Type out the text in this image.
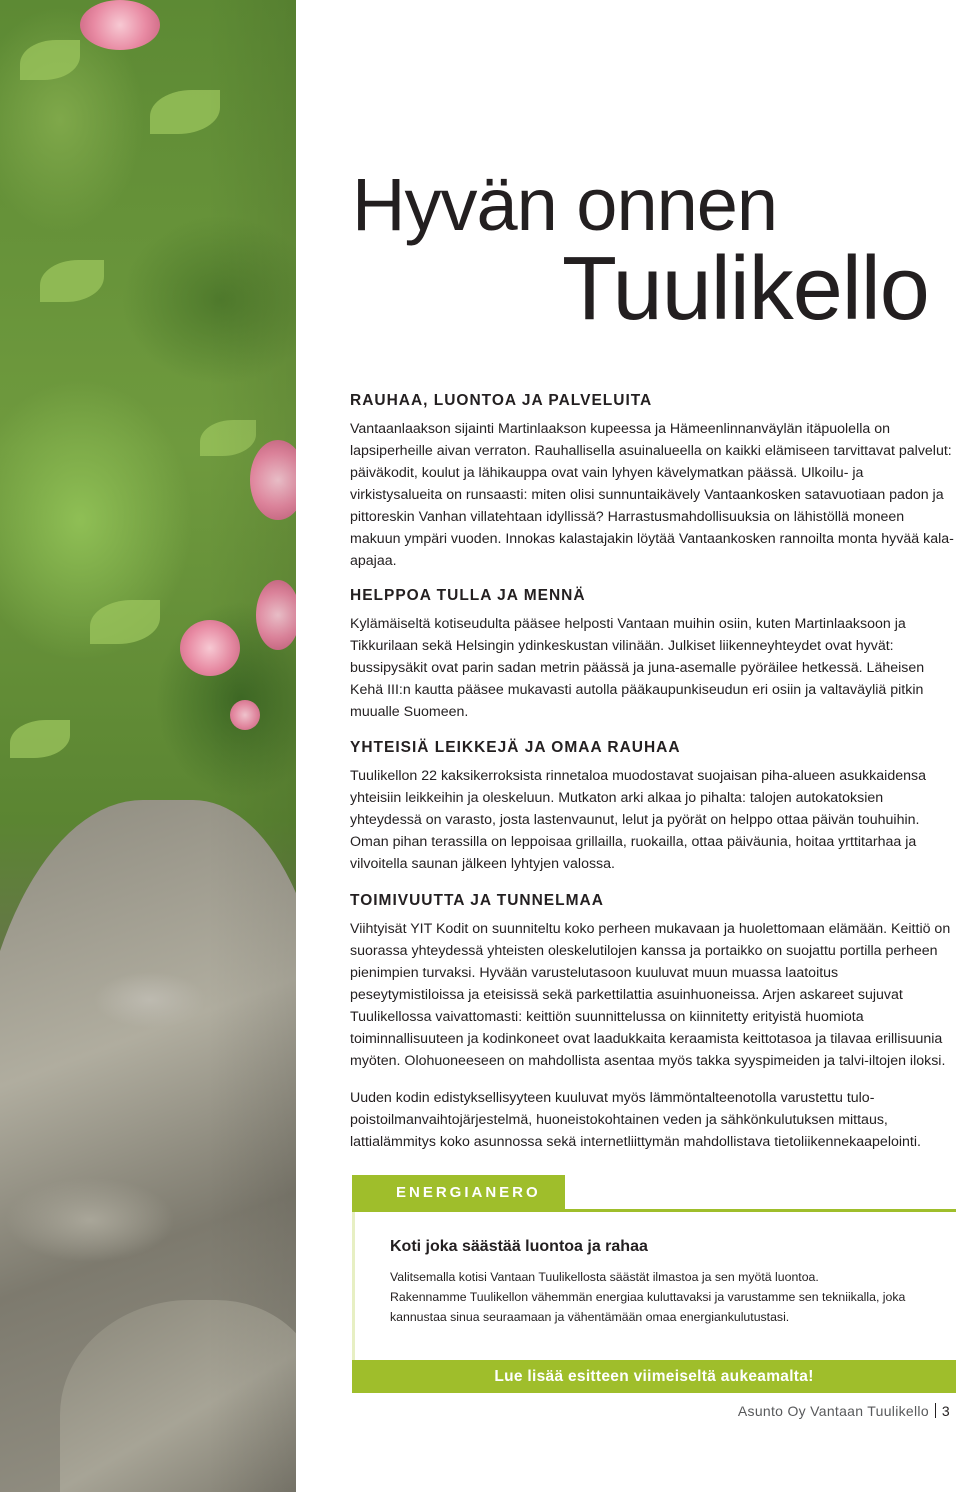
Hyvän onnen
Tuulikello
RAUHAA, LUONTOA JA PALVELUITA

Vantaanlaakson sijainti Martinlaakson kupeessa ja Hämeenlinnanväylän itäpuolella on lapsiperheille aivan verraton. Rauhallisella asuinalueella on kaikki elämiseen tarvittavat palvelut: päiväkodit, koulut ja lähikauppa ovat vain lyhyen kävelymatkan päässä. Ulkoilu- ja virkistysalueita on runsaasti: miten olisi sunnuntaikävely Vantaankosken satavuotiaan padon ja pittoreskin Vanhan villatehtaan idyllissä? Harrastusmahdollisuuksia on lähistöllä moneen makuun ympäri vuoden. Innokas kalastajakin löytää Vantaankosken rannoilta monta hyvää kala-apajaa.

HELPPOA TULLA JA MENNÄ

Kylämäiseltä kotiseudulta pääsee helposti Vantaan muihin osiin, kuten Martinlaaksoon ja Tikkurilaan sekä Helsingin ydinkeskustan vilinään. Julkiset liikenneyhteydet ovat hyvät: bussipysäkit ovat parin sadan metrin päässä ja juna-asemalle pyöräilee hetkessä. Läheisen Kehä III:n kautta pääsee mukavasti autolla pääkaupunkiseudun eri osiin ja valtaväyliä pitkin muualle Suomeen.

YHTEISIÄ LEIKKEJÄ JA OMAA RAUHAA

Tuulikellon 22 kaksikerroksista rinnetaloa muodostavat suojaisan piha-alueen asukkaidensa yhteisiin leikkeihin ja oleskeluun. Mutkaton arki alkaa jo pihalta: talojen autokatoksien yhteydessä on varasto, josta lastenvaunut, lelut ja pyörät on helppo ottaa päivän touhuihin. Oman pihan terassilla on leppoisaa grillailla, ruokailla, ottaa päiväunia, hoitaa yrttitarhaa ja vilvoitella saunan jälkeen lyhtyjen valossa.

TOIMIVUUTTA JA TUNNELMAA

Viihtyisät YIT Kodit on suunniteltu koko perheen mukavaan ja huolettomaan elämään. Keittiö on suorassa yhteydessä yhteisten oleskelutilojen kanssa ja portaikko on suojattu portilla perheen pienimpien turvaksi. Hyvään varustelutasoon kuuluvat muun muassa laatoitus peseytymistiloissa ja eteisissä sekä parkettilattia asuinhuoneissa. Arjen askareet sujuvat Tuulikellossa vaivattomasti: keittiön suunnittelussa on kiinnitetty erityistä huomiota toiminnallisuuteen ja kodinkoneet ovat laadukkaita keraamista keittotasoa ja tilavaa erillisuunia myöten. Olohuoneeseen on mahdollista asentaa myös takka syyspimeiden ja talvi-iltojen iloksi.

Uuden kodin edistyksellisyyteen kuuluvat myös lämmöntalteenotolla varustettu tulo-poistoilmanvaihtojärjestelmä, huoneistokohtainen veden ja sähkönkulutuksen mittaus, lattialämmitys koko asunnossa sekä internetliittymän mahdollistava tietoliikennekaapelointi.

ENERGIANERO
Koti joka säästää luontoa ja rahaa

Valitsemalla kotisi Vantaan Tuulikellosta säästät ilmastoa ja sen myötä luontoa.

Rakennamme Tuulikellon vähemmän energiaa kuluttavaksi ja varustamme sen tekniikalla, joka kannustaa sinua seuraamaan ja vähentämään omaa energiankulutustasi.

Lue lisää esitteen viimeiseltä aukeamalta!
Asunto Oy Vantaan Tuulikello 3
